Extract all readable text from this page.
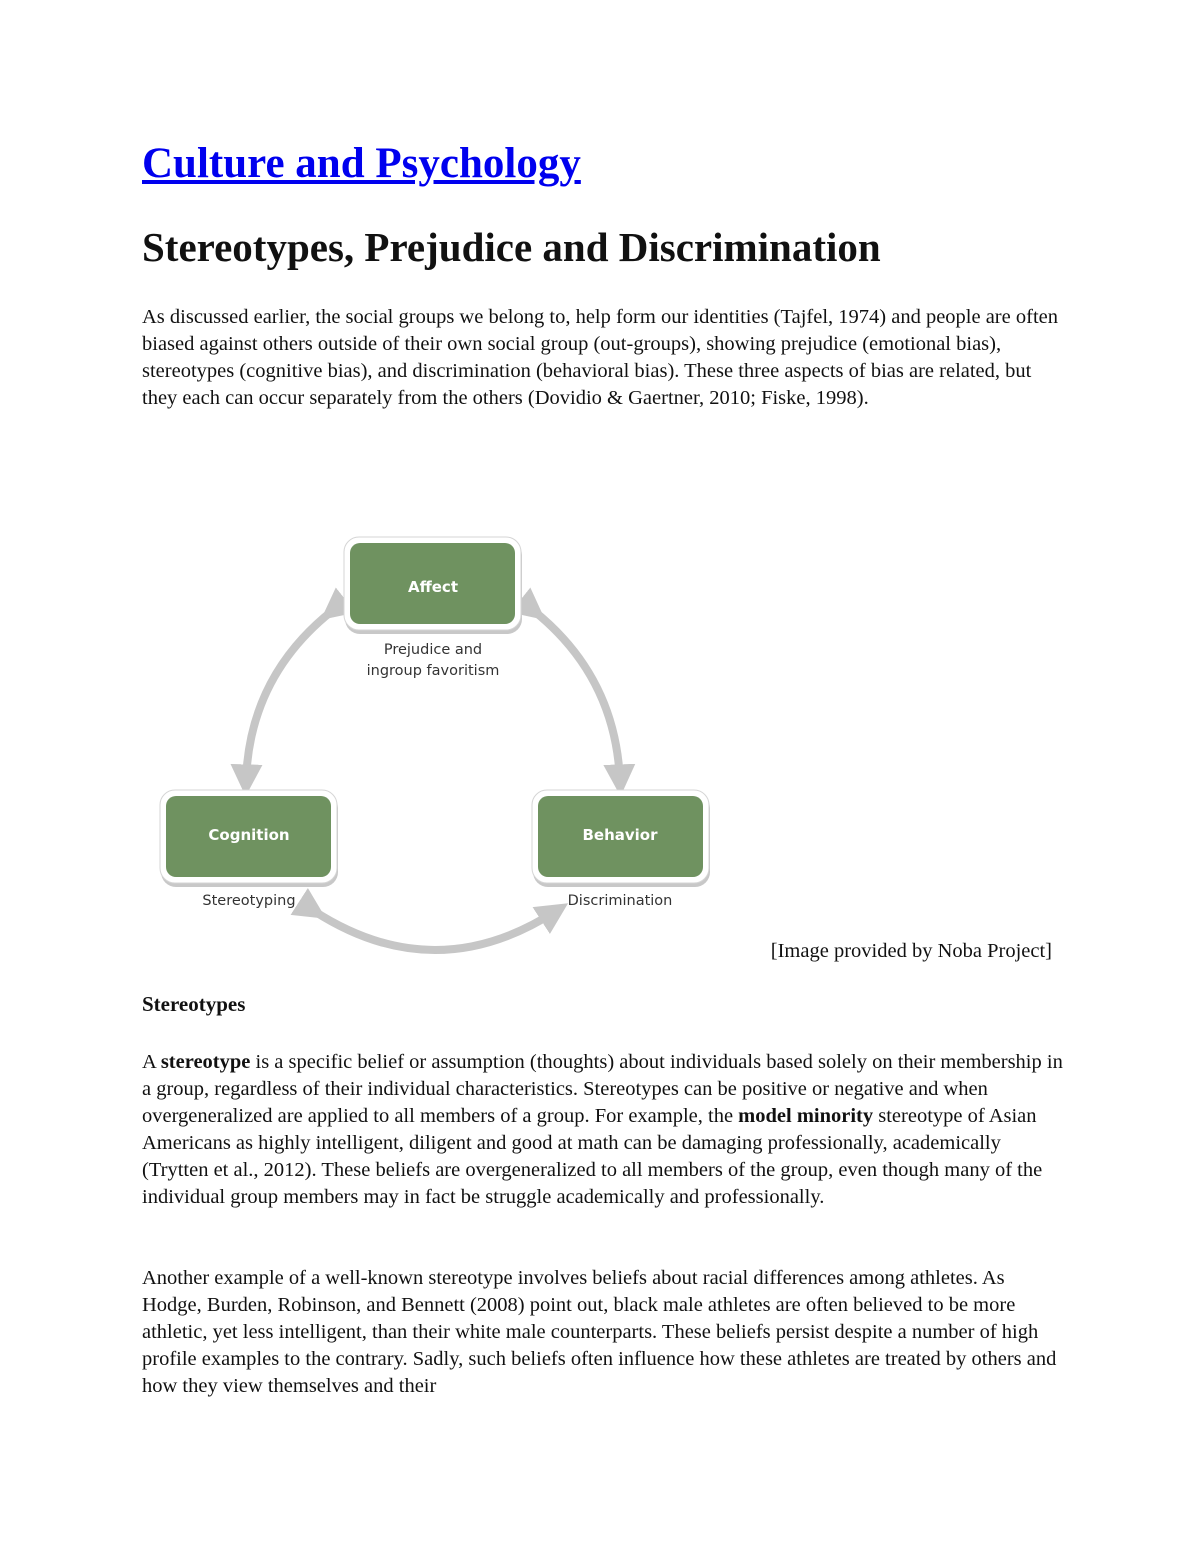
Culture and Psychology
Stereotypes, Prejudice and Discrimination

As discussed earlier, the social groups we belong to, help form our identities (Tajfel, 1974) and people are often biased against others outside of their own social group (out-groups), showing prejudice (emotional bias), stereotypes (cognitive bias), and discrimination (behavioral bias). These three aspects of bias are related, but they each can occur separately from the others (Dovidio & Gaertner, 2010; Fiske, 1998).

Affect
Prejudice and
ingroup favoritism
Cognition
Stereotyping
Behavior
Discrimination
[Image provided by Noba Project]
Stereotypes

A stereotype is a specific belief or assumption (thoughts) about individuals based solely on their membership in a group, regardless of their individual characteristics. Stereotypes can be positive or negative and when overgeneralized are applied to all members of a group. For example, the model minority stereotype of Asian Americans as highly intelligent, diligent and good at math can be damaging professionally, academically (Trytten et al., 2012). These beliefs are overgeneralized to all members of the group, even though many of the individual group members may in fact be struggle academically and professionally.

Another example of a well-known stereotype involves beliefs about racial differences among athletes. As Hodge, Burden, Robinson, and Bennett (2008) point out, black male athletes are often believed to be more athletic, yet less intelligent, than their white male counterparts. These beliefs persist despite a number of high profile examples to the contrary. Sadly, such beliefs often influence how these athletes are treated by others and how they view themselves and their
